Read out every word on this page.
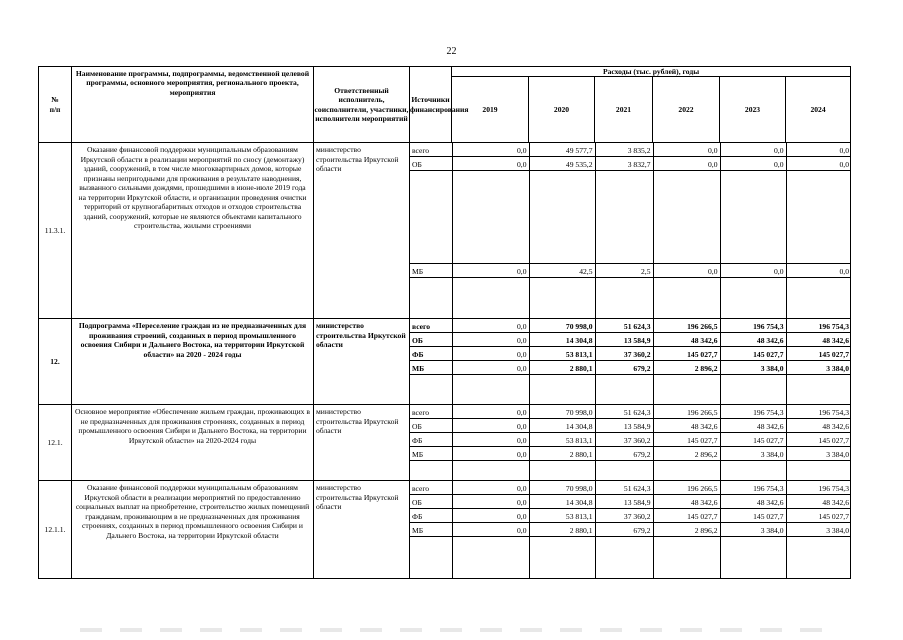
22
№
п/п	Наименование программы, подпрограммы, ведомственной целевой программы, основного мероприятия, регионального проекта, мероприятия	Ответственный исполнитель, соисполнители, участники, исполнители мероприятий	Источники финансирования	Расходы (тыс. рублей), годы
2019	2020	2021	2022	2023	2024
11.3.1.	Оказание финансовой поддержки муниципальным образованиям Иркутской области в реализации мероприятий по сносу (демонтажу) зданий, сооружений, в том числе многоквартирных домов, которые признаны непригодными для проживания в результате наводнения, вызванного сильными дождями, прошедшими в июне-июле 2019 года на территории Иркутской области, и организации проведения очистки территорий от крупногабаритных отходов и отходов строительства зданий, сооружений, которые не являются объектами капитального строительства, жилыми строениями	министерство строительства Иркутской области	
всего	0,0	49 577,7	3 835,2	0,0	0,0	0,0
ОБ	0,0	49 535,2	3 832,7	0,0	0,0	0,0

МБ	0,0	42,5	2,5	0,0	0,0	0,0

12.	Подпрограмма «Переселение граждан из не предназначенных для проживания строений, созданных в период промышленного освоения Сибири и Дальнего Востока, на территории Иркутской области» на 2020 - 2024 годы	министерство строительства Иркутской области	
всего	0,0	70 998,0	51 624,3	196 266,5	196 754,3	196 754,3
ОБ	0,0	14 304,8	13 584,9	48 342,6	48 342,6	48 342,6
ФБ	0,0	53 813,1	37 360,2	145 027,7	145 027,7	145 027,7
МБ	0,0	2 880,1	679,2	2 896,2	3 384,0	3 384,0

12.1.	Основное мероприятие «Обеспечение жильем граждан, проживающих в не предназначенных для проживания строениях, созданных в период промышленного освоения Сибири и Дальнего Востока, на территории Иркутской области» на 2020-2024 годы	министерство строительства Иркутской области	
всего	0,0	70 998,0	51 624,3	196 266,5	196 754,3	196 754,3
ОБ	0,0	14 304,8	13 584,9	48 342,6	48 342,6	48 342,6
ФБ	0,0	53 813,1	37 360,2	145 027,7	145 027,7	145 027,7
МБ	0,0	2 880,1	679,2	2 896,2	3 384,0	3 384,0

12.1.1.	Оказание финансовой поддержки муниципальным образованиям Иркутской области в реализации мероприятий по предоставлению социальных выплат на приобретение, строительство жилых помещений гражданам, проживающим в не предназначенных для проживания строениях, созданных в период промышленного освоения Сибири и Дальнего Востока, на территории Иркутской области	министерство строительства Иркутской области	
всего	0,0	70 998,0	51 624,3	196 266,5	196 754,3	196 754,3
ОБ	0,0	14 304,8	13 584,9	48 342,6	48 342,6	48 342,6
ФБ	0,0	53 813,1	37 360,2	145 027,7	145 027,7	145 027,7
МБ	0,0	2 880,1	679,2	2 896,2	3 384,0	3 384,0
